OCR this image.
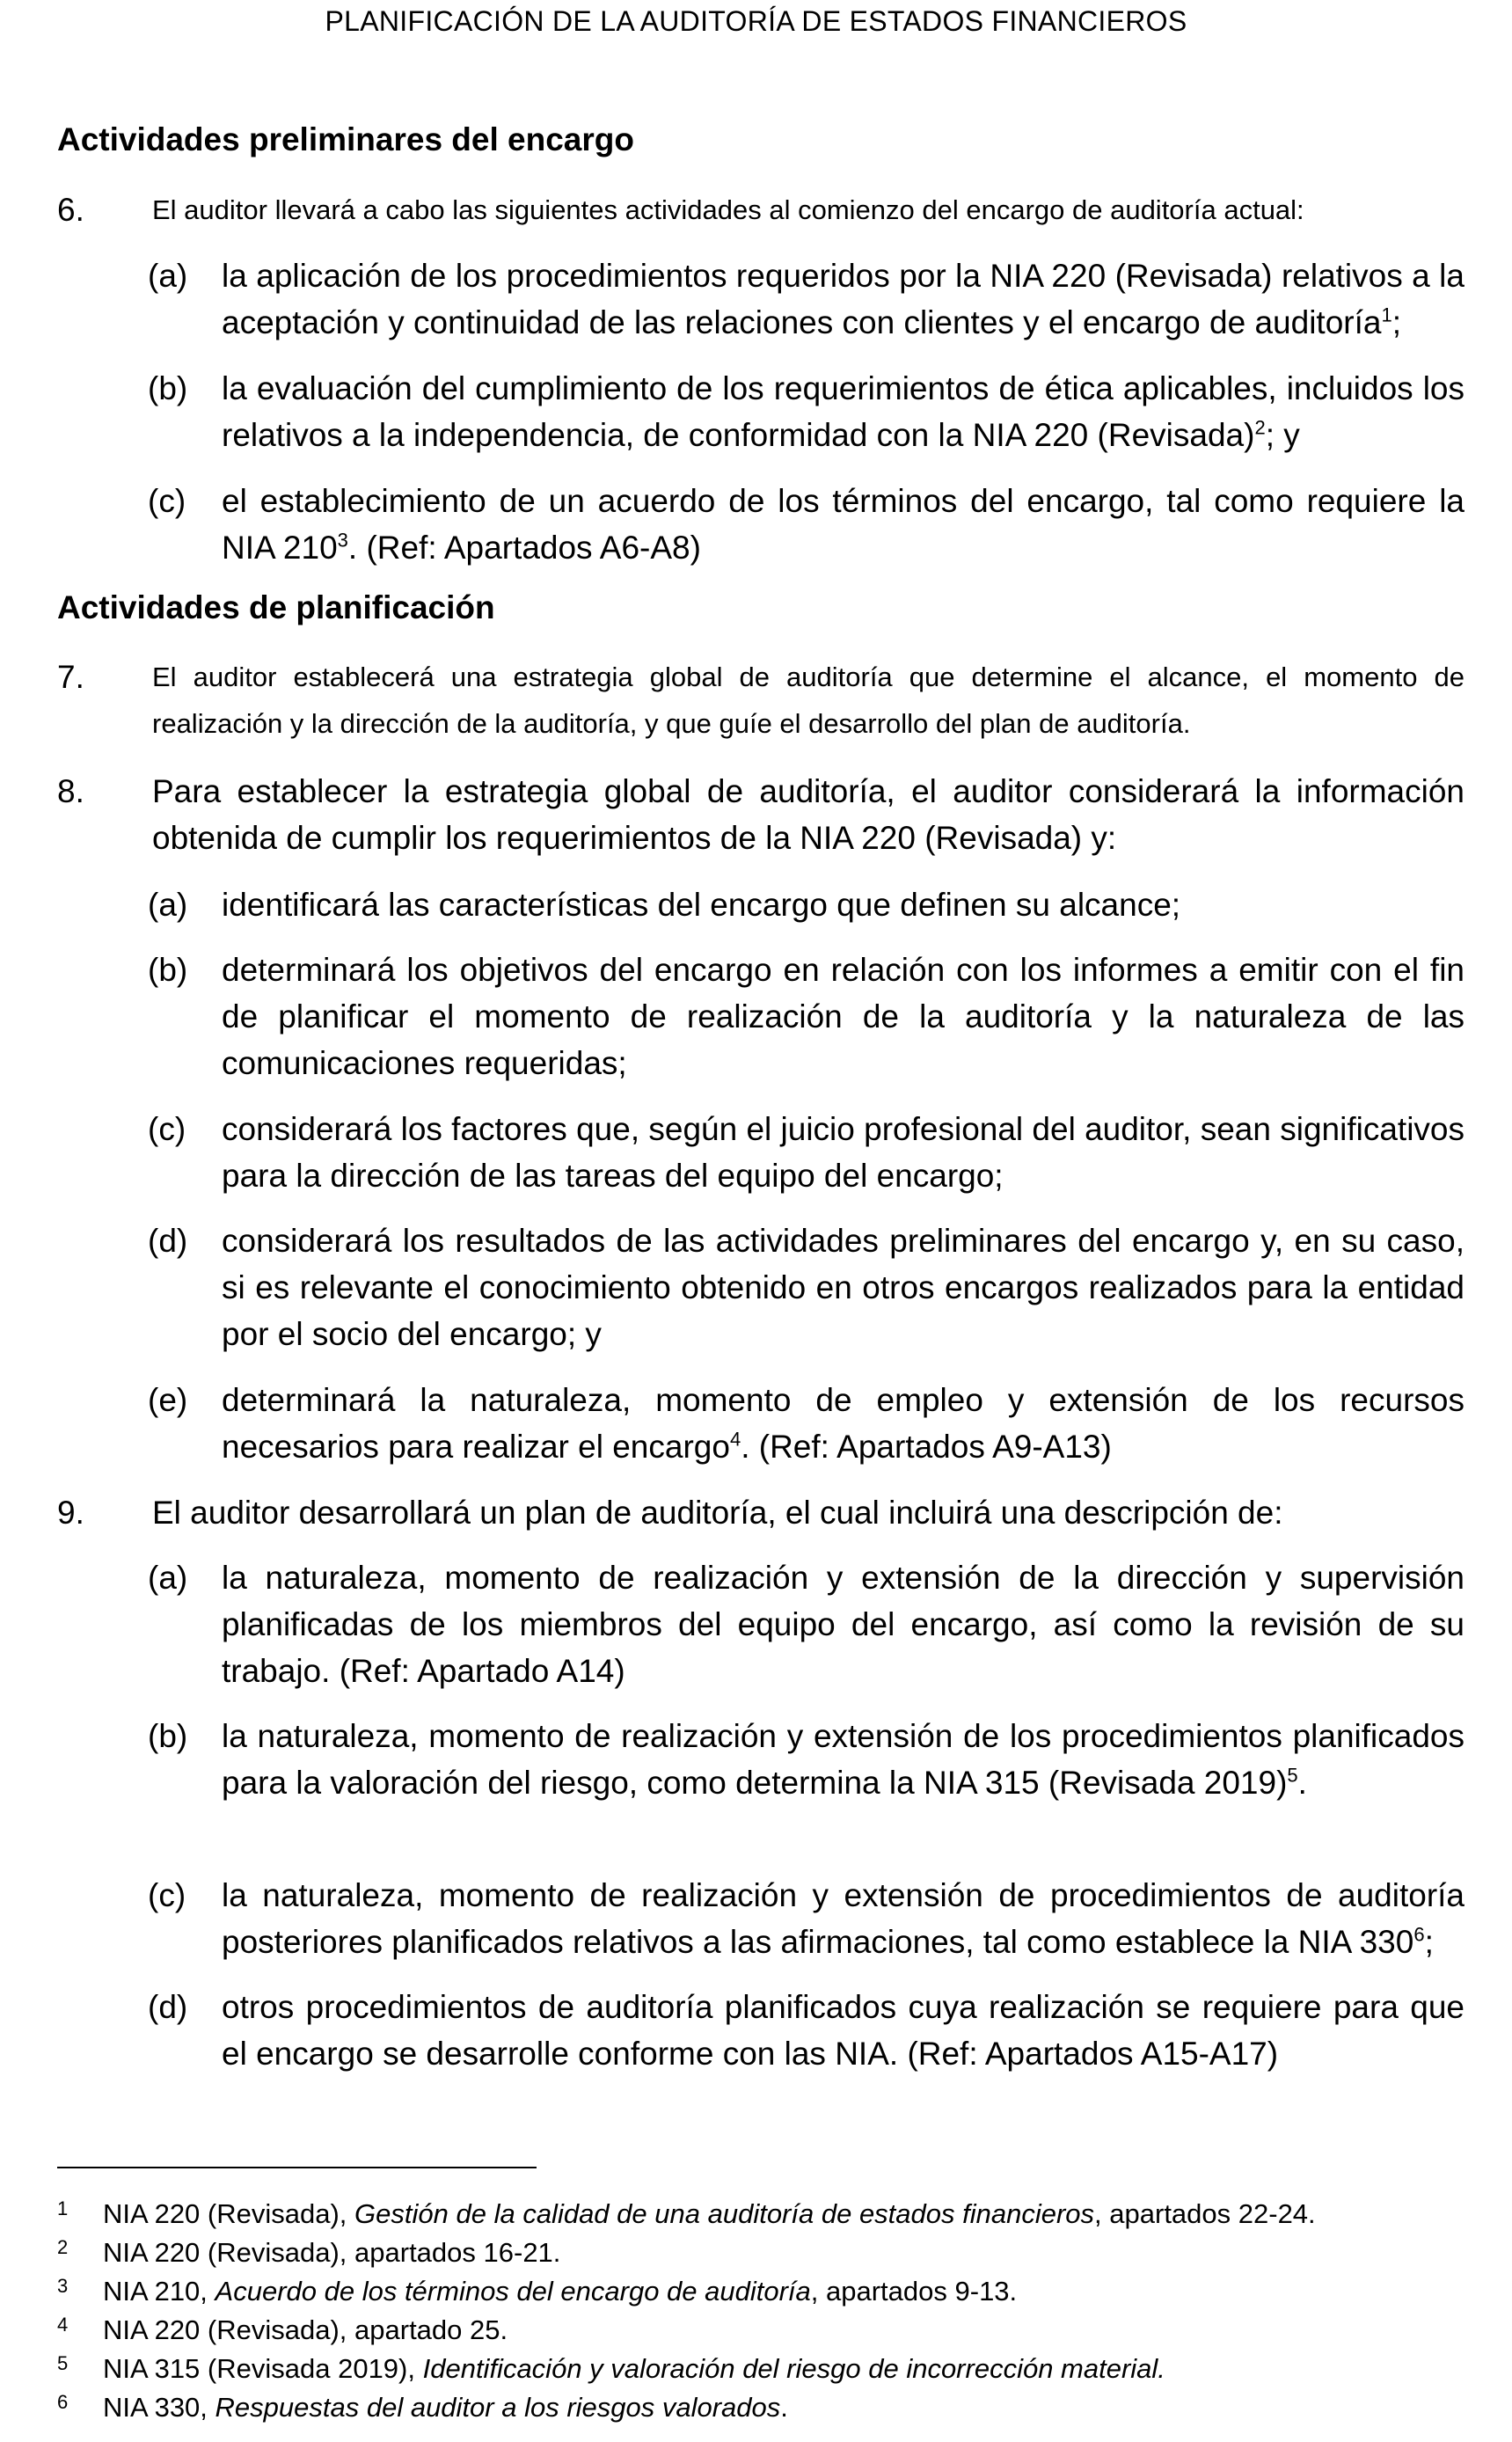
PLANIFICACIÓN DE LA AUDITORÍA DE ESTADOS FINANCIEROS
Actividades preliminares del encargo
6. El auditor llevará a cabo las siguientes actividades al comienzo del encargo de auditoría actual:
(a) la aplicación de los procedimientos requeridos por la NIA 220 (Revisada) relativos a la aceptación y continuidad de las relaciones con clientes y el encargo de auditoría$^1$;
(b) la evaluación del cumplimiento de los requerimientos de ética aplicables, incluidos los relativos a la independencia, de conformidad con la NIA 220 (Revisada)$^2$; y
(c) el establecimiento de un acuerdo de los términos del encargo, tal como requiere la NIA $210^3$. (Ref: Apartados A6-A8)
Actividades de planificación
7. El auditor establecerá una estrategia global de auditoría que determine el alcance, el momento de realización y la dirección de la auditoría, y que guíe el desarrollo del plan de auditoría.
8. Para establecer la estrategia global de auditoría, el auditor considerará la información obtenida de cumplir los requerimientos de la NIA 220 (Revisada) y:
(a) identificará las características del encargo que definen su alcance;
(b) determinará los objetivos del encargo en relación con los informes a emitir con el fin de planificar el momento de realización de la auditoría y la naturaleza de las comunicaciones requeridas;
(c) considerará los factores que, según el juicio profesional del auditor, sean significativos para la dirección de las tareas del equipo del encargo;
(d) considerará los resultados de las actividades preliminares del encargo y, en su caso, si es relevante el conocimiento obtenido en otros encargos realizados para la entidad por el socio del encargo; y
(e) determinará la naturaleza, momento de empleo y extensión de los recursos necesarios para realizar el encargo$^4$. (Ref: Apartados A9-A13)
9. El auditor desarrollará un plan de auditoría, el cual incluirá una descripción de:
(a) la naturaleza, momento de realización y extensión de la dirección y supervisión planificadas de los miembros del equipo del encargo, así como la revisión de su trabajo. (Ref: Apartado A14)
(b) la naturaleza, momento de realización y extensión de los procedimientos planificados para la valoración del riesgo, como determina la NIA 315 (Revisada 2019)$^5$.
(c) la naturaleza, momento de realización y extensión de procedimientos de auditoría posteriores planificados relativos a las afirmaciones, tal como establece la NIA $330^6$;
(d) otros procedimientos de auditoría planificados cuya realización se requiere para que el encargo se desarrolle conforme con las NIA. (Ref: Apartados A15-A17)
1 NIA 220 (Revisada), Gestión de la calidad de una auditoría de estados financieros, apartados 22-24.
2 NIA 220 (Revisada), apartados 16-21.
3 NIA 210, Acuerdo de los términos del encargo de auditoría, apartados 9-13.
4 NIA 220 (Revisada), apartado 25.
5 NIA 315 (Revisada 2019), Identificación y valoración del riesgo de incorrección material.
6 NIA 330, Respuestas del auditor a los riesgos valorados.
